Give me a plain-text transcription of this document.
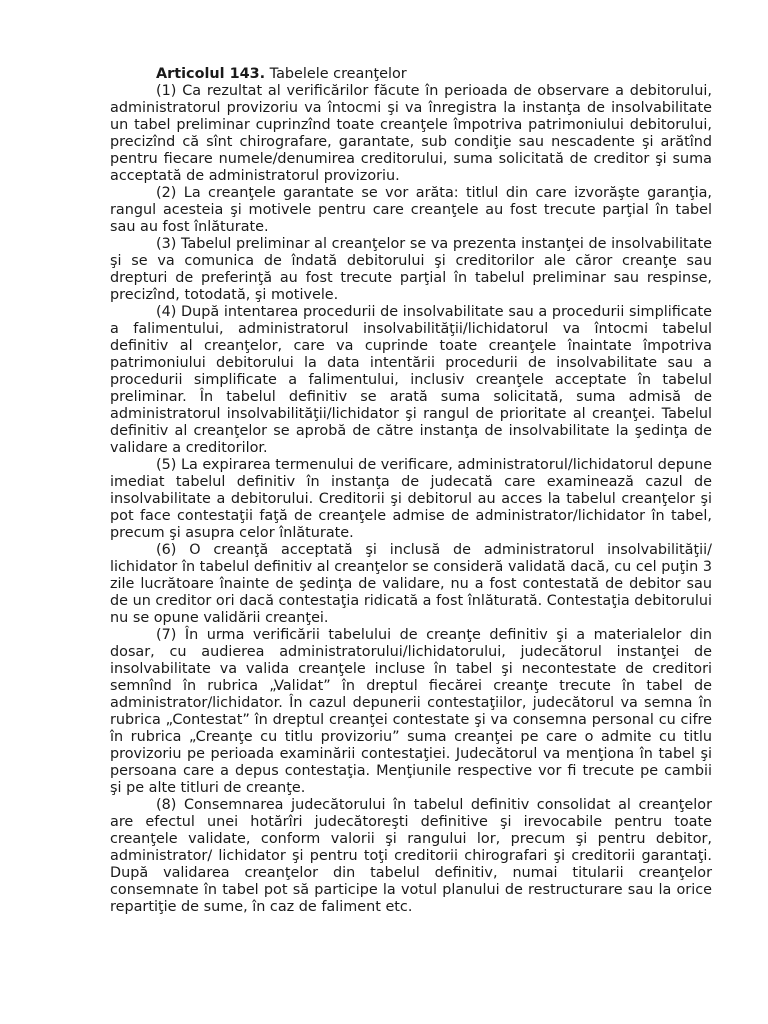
Articolul 143. Tabelele creanţelor

(1) Ca rezultat al verificărilor făcute în perioada de observare a debitorului, administratorul provizoriu va întocmi şi va înregistra la instanţa de insolvabilitate un tabel preliminar cuprinzînd toate creanţele împotriva patrimoniului debitorului, precizînd că sînt chirografare, garantate, sub condiţie sau nescadente şi arătînd pentru fiecare numele/denumirea creditorului, suma solicitată de creditor şi suma acceptată de administratorul provizoriu.

(2) La creanţele garantate se vor arăta: titlul din care izvorăşte garanţia, rangul acesteia şi motivele pentru care creanţele au fost trecute parţial în tabel sau au fost înlăturate.

(3) Tabelul preliminar al creanţelor se va prezenta instanţei de insolvabilitate şi se va comunica de îndată debitorului şi creditorilor ale căror creanţe sau drepturi de preferinţă au fost trecute parţial în tabelul preliminar sau respinse, precizînd, totodată, şi motivele.

(4) După intentarea procedurii de insolvabilitate sau a procedurii simplificate a falimentului, administratorul insolvabilităţii/lichidatorul va întocmi tabelul definitiv al creanţelor, care va cuprinde toate creanţele înaintate împotriva patrimoniului debitorului la data intentării procedurii de insolvabilitate sau a procedurii simplificate a falimentului, inclusiv creanţele acceptate în tabelul preliminar. În tabelul definitiv se arată suma solicitată, suma admisă de administratorul insolvabilităţii/lichidator şi rangul de prioritate al creanţei. Tabelul definitiv al creanţelor se aprobă de către instanţa de insolvabilitate la şedinţa de validare a creditorilor.

(5) La expirarea termenului de verificare, administratorul/lichidatorul depune imediat tabelul definitiv în instanţa de judecată care examinează cazul de insolvabilitate a debitorului. Creditorii şi debitorul au acces la tabelul creanţelor şi pot face contestaţii faţă de creanţele admise de administrator/lichidator în tabel, precum şi asupra celor înlăturate.

(6) O creanţă acceptată şi inclusă de administratorul insolvabilităţii/ lichidator în tabelul definitiv al creanţelor se consideră validată dacă, cu cel puţin 3 zile lucrătoare înainte de şedinţa de validare, nu a fost contestată de debitor sau de un creditor ori dacă contestaţia ridicată a fost înlăturată. Contestaţia debitorului nu se opune validării creanţei.

(7) În urma verificării tabelului de creanţe definitiv şi a materialelor din dosar, cu audierea administratorului/lichidatorului, judecătorul instanţei de insolvabilitate va valida creanţele incluse în tabel şi necontestate de creditori semnînd în rubrica „Validat” în dreptul fiecărei creanţe trecute în tabel de administrator/lichidator. În cazul depunerii contestaţiilor, judecătorul va semna în rubrica „Contestat” în dreptul creanţei contestate şi va consemna personal cu cifre în rubrica „Creanţe cu titlu provizoriu” suma creanţei pe care o admite cu titlu provizoriu pe perioada examinării contestaţiei. Judecătorul va menţiona în tabel şi persoana care a depus contestaţia. Menţiunile respective vor fi trecute pe cambii şi pe alte titluri de creanţe.

(8) Consemnarea judecătorului în tabelul definitiv consolidat al creanţelor are efectul unei hotărîri judecătoreşti definitive şi irevocabile pentru toate creanţele validate, conform valorii şi rangului lor, precum şi pentru debitor, administrator/ lichidator şi pentru toţi creditorii chirografari şi creditorii garantaţi. După validarea creanţelor din tabelul definitiv, numai titularii creanţelor consemnate în tabel pot să participe la votul planului de restructurare sau la orice repartiţie de sume, în caz de faliment etc.
